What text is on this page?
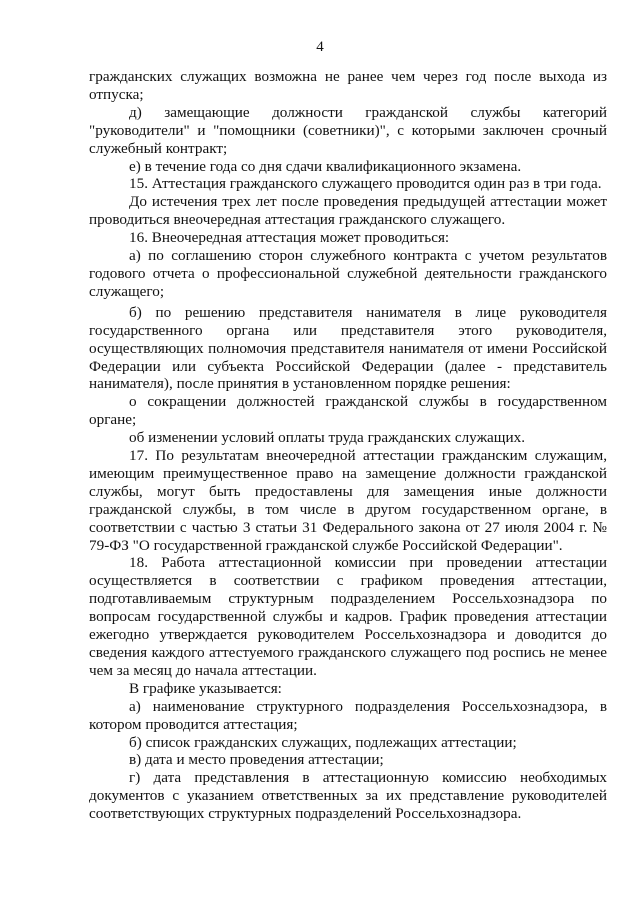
4

гражданских служащих возможна не ранее чем через год после выхода из отпуска;

д) замещающие должности гражданской службы категорий "руководители" и "помощники (советники)", с которыми заключен срочный служебный контракт;

е) в течение года со дня сдачи квалификационного экзамена.

15. Аттестация гражданского служащего проводится один раз в три года.

До истечения трех лет после проведения предыдущей аттестации может проводиться внеочередная аттестация гражданского служащего.

16. Внеочередная аттестация может проводиться:

а) по соглашению сторон служебного контракта с учетом результатов годового отчета о профессиональной служебной деятельности гражданского служащего;

б) по решению представителя нанимателя в лице руководителя государственного органа или представителя этого руководителя, осуществляющих полномочия представителя нанимателя от имени Российской Федерации или субъекта Российской Федерации (далее - представитель нанимателя), после принятия в установленном порядке решения:

о сокращении должностей гражданской службы в государственном органе;

об изменении условий оплаты труда гражданских служащих.

17. По результатам внеочередной аттестации гражданским служащим, имеющим преимущественное право на замещение должности гражданской службы, могут быть предоставлены для замещения иные должности гражданской службы, в том числе в другом государственном органе, в соответствии с частью 3 статьи 31 Федерального закона от 27 июля 2004 г. № 79-ФЗ "О государственной гражданской службе Российской Федерации".

18. Работа аттестационной комиссии при проведении аттестации осуществляется в соответствии с графиком проведения аттестации, подготавливаемым структурным подразделением Россельхознадзора по вопросам государственной службы и кадров. График проведения аттестации ежегодно утверждается руководителем Россельхознадзора и доводится до сведения каждого аттестуемого гражданского служащего под роспись не менее чем за месяц до начала аттестации.

В графике указывается:

а) наименование структурного подразделения Россельхознадзора, в котором проводится аттестация;

б) список гражданских служащих, подлежащих аттестации;

в) дата и место проведения аттестации;

г) дата представления в аттестационную комиссию необходимых документов с указанием ответственных за их представление руководителей соответствующих структурных подразделений Россельхознадзора.
